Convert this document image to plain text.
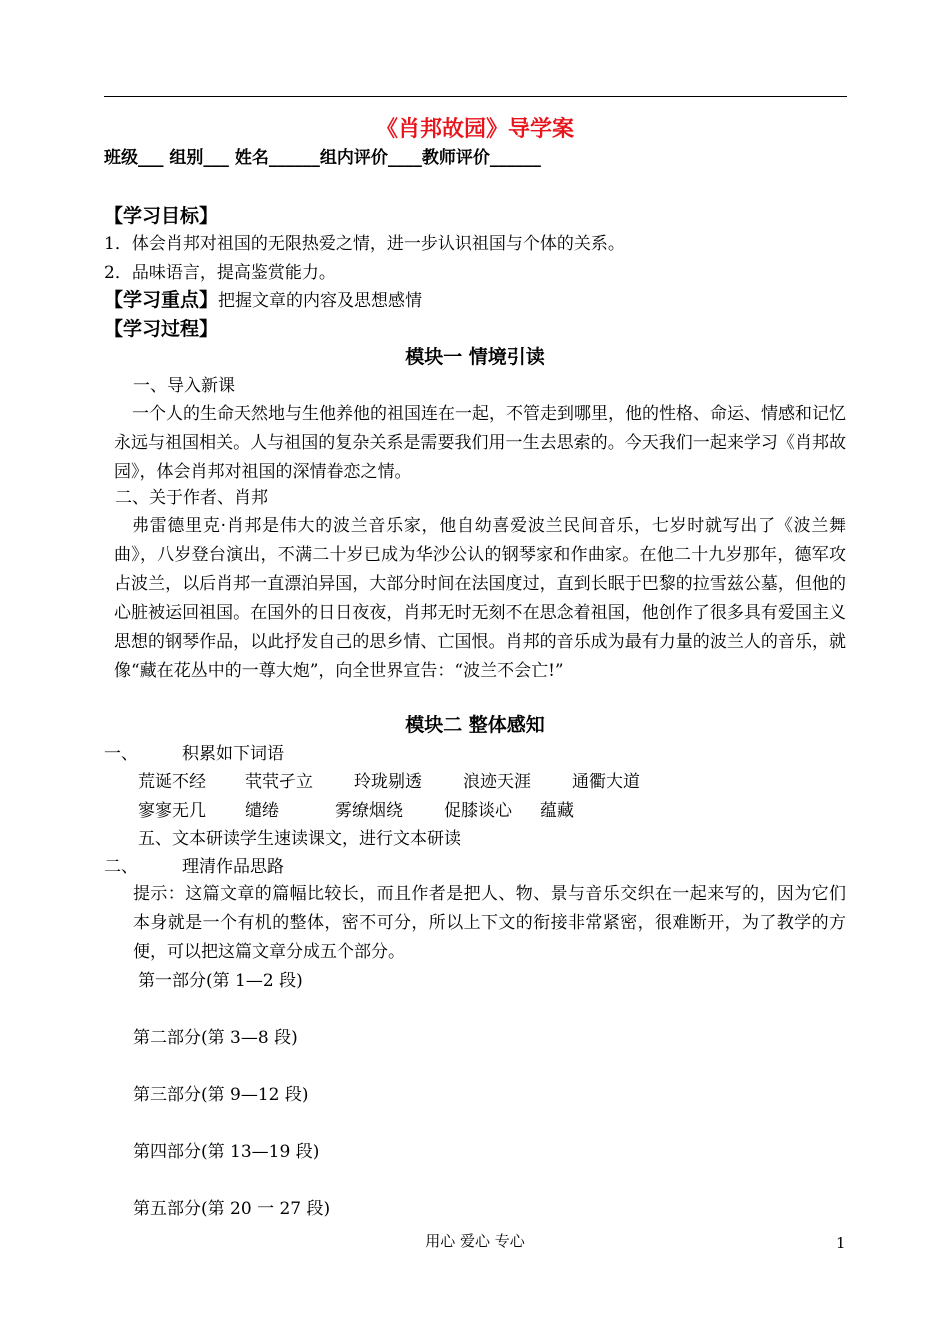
《肖邦故园》导学案
班级___ 组别___ 姓名______组内评价____教师评价______
【学习目标】
1．体会肖邦对祖国的无限热爱之情，进一步认识祖国与个体的关系。
2．品味语言，提高鉴赏能力。
【学习重点】把握文章的内容及思想感情
【学习过程】
模块一 情境引读
一、导入新课
一个人的生命天然地与生他养他的祖国连在一起，不管走到哪里，他的性格、命运、情感和记忆永远与祖国相关。人与祖国的复杂关系是需要我们用一生去思索的。今天我们一起来学习《肖邦故园》，体会肖邦对祖国的深情眷恋之情。
二、关于作者、肖邦
弗雷德里克·肖邦是伟大的波兰音乐家，他自幼喜爱波兰民间音乐，七岁时就写出了《波兰舞曲》，八岁登台演出，不满二十岁已成为华沙公认的钢琴家和作曲家。在他二十九岁那年，德军攻占波兰，以后肖邦一直漂泊异国，大部分时间在法国度过，直到长眠于巴黎的拉雪兹公墓，但他的心脏被运回祖国。在国外的日日夜夜，肖邦无时无刻不在思念着祖国，他创作了很多具有爱国主义思想的钢琴作品，以此抒发自己的思乡情、亡国恨。肖邦的音乐成为最有力量的波兰人的音乐，就像“藏在花丛中的一尊大炮”，向全世界宣告：“波兰不会亡!”
模块二 整体感知
一、	积累如下词语
荒诞不经 茕茕孑立 玲珑剔透 浪迹天涯 通衢大道
寥寥无几 缱绻	雾缭烟绕 促膝谈心 蕴藏
五、文本研读学生速读课文，进行文本研读
二、	理清作品思路
提示：这篇文章的篇幅比较长，而且作者是把人、物、景与音乐交织在一起来写的，因为它们本身就是一个有机的整体，密不可分，所以上下文的衔接非常紧密，很难断开，为了教学的方便，可以把这篇文章分成五个部分。
第一部分(第 1—2 段)
第二部分(第 3—8 段)
第三部分(第 9—12 段)
第四部分(第 13—19 段)
第五部分(第 20 一 27 段)
用心 爱心 专心	1
